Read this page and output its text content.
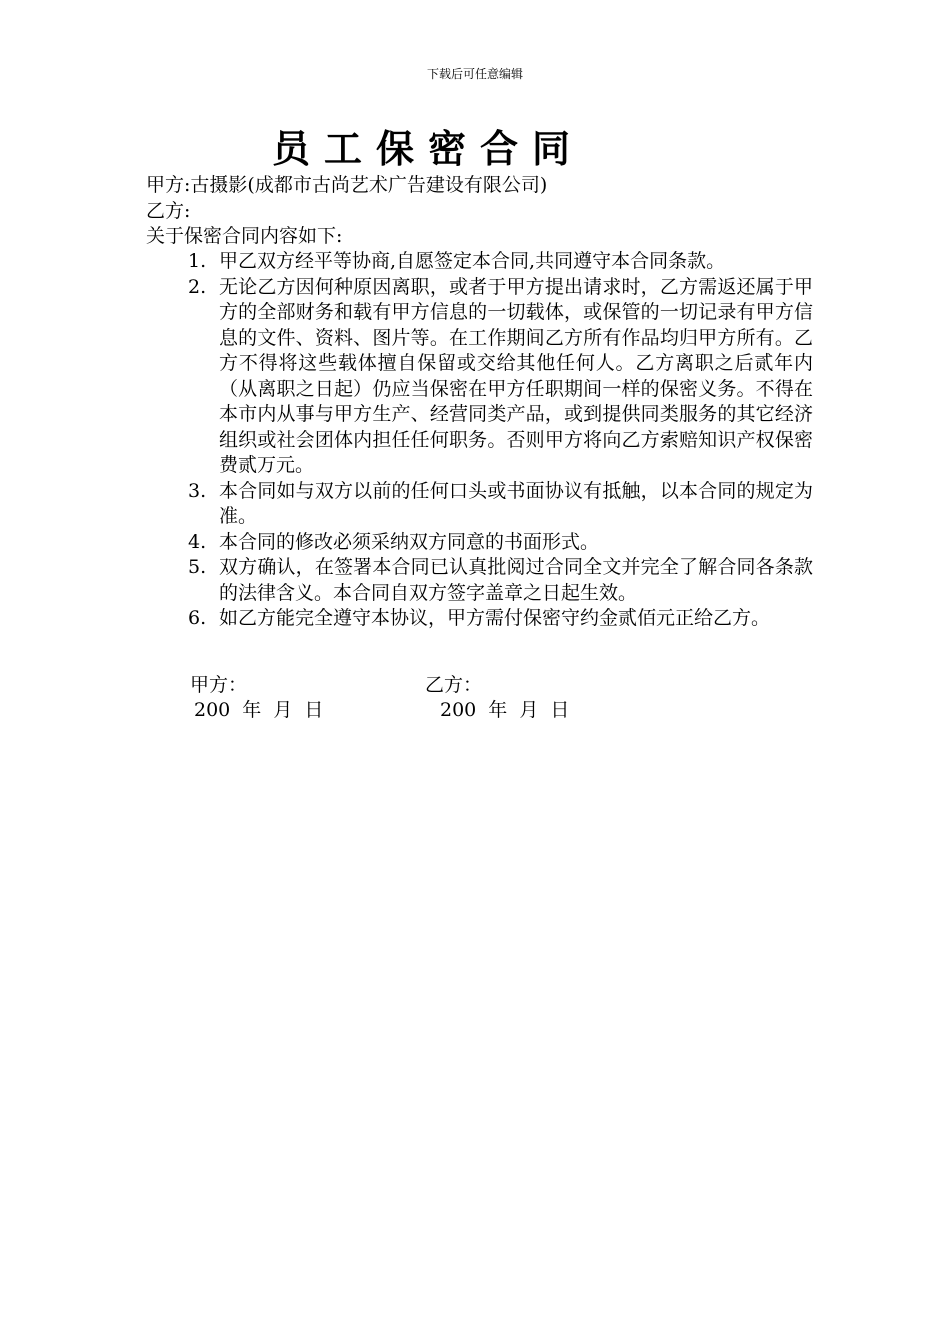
下载后可任意编辑
员工保密合同
甲方:古摄影(成都市古尚艺术广告建设有限公司)
乙方:
关于保密合同内容如下:
1. 甲乙双方经平等协商,自愿签定本合同,共同遵守本合同条款。
2. 无论乙方因何种原因离职，或者于甲方提出请求时，乙方需返还属于甲方的全部财务和载有甲方信息的一切载体，或保管的一切记录有甲方信息的文件、资料、图片等。在工作期间乙方所有作品均归甲方所有。乙方不得将这些载体擅自保留或交给其他任何人。乙方离职之后贰年内（从离职之日起）仍应当保密在甲方任职期间一样的保密义务。不得在本市内从事与甲方生产、经营同类产品，或到提供同类服务的其它经济组织或社会团体内担任任何职务。否则甲方将向乙方索赔知识产权保密费贰万元。
3. 本合同如与双方以前的任何口头或书面协议有抵触，以本合同的规定为准。
4. 本合同的修改必须采纳双方同意的书面形式。
5. 双方确认，在签署本合同已认真批阅过合同全文并完全了解合同各条款的法律含义。本合同自双方签字盖章之日起生效。
6. 如乙方能完全遵守本协议，甲方需付保密守约金贰佰元正给乙方。
甲方：	乙方：
200 年 月 日	200 年 月 日
